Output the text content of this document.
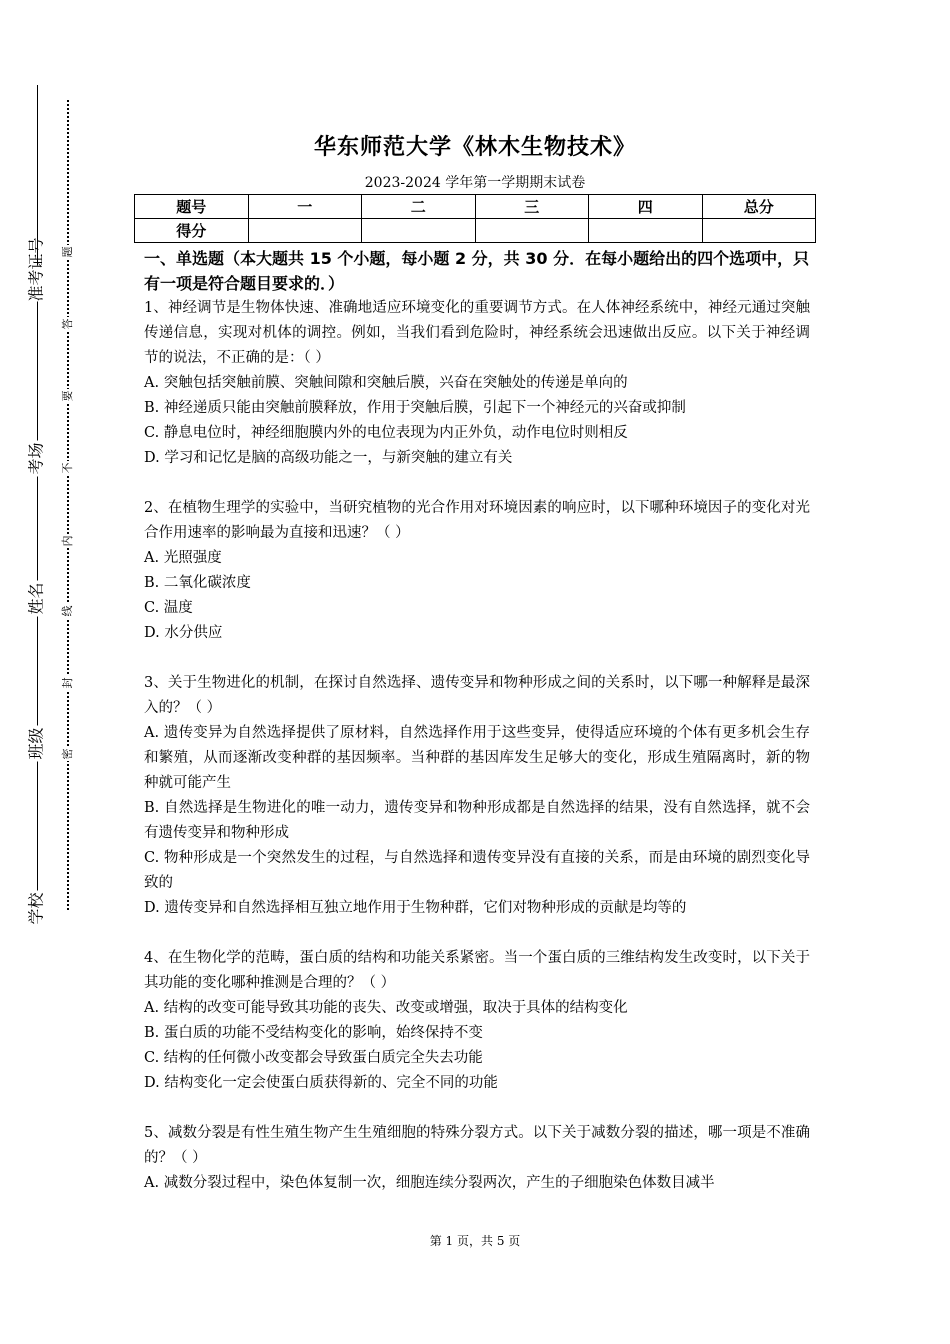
准考证号
考场
姓名
班级
学校
题
答
要
不
内
线
封
密
华东师范大学《林木生物技术》
2023-2024 学年第一学期期末试卷
题号	一	二	三	四	总分
得分					

一、单选题（本大题共 15 个小题，每小题 2 分，共 30 分．在每小题给出的四个选项中，只有一项是符合题目要求的．）

1、神经调节是生物体快速、准确地适应环境变化的重要调节方式。在人体神经系统中，神经元通过突触传递信息，实现对机体的调控。例如，当我们看到危险时，神经系统会迅速做出反应。以下关于神经调节的说法，不正确的是：（ ）

A. 突触包括突触前膜、突触间隙和突触后膜，兴奋在突触处的传递是单向的

B. 神经递质只能由突触前膜释放，作用于突触后膜，引起下一个神经元的兴奋或抑制

C. 静息电位时，神经细胞膜内外的电位表现为内正外负，动作电位时则相反

D. 学习和记忆是脑的高级功能之一，与新突触的建立有关

2、在植物生理学的实验中，当研究植物的光合作用对环境因素的响应时，以下哪种环境因子的变化对光合作用速率的影响最为直接和迅速？（ ）

A. 光照强度

B. 二氧化碳浓度

C. 温度

D. 水分供应

3、关于生物进化的机制，在探讨自然选择、遗传变异和物种形成之间的关系时，以下哪一种解释是最深入的？（ ）

A. 遗传变异为自然选择提供了原材料，自然选择作用于这些变异，使得适应环境的个体有更多机会生存和繁殖，从而逐渐改变种群的基因频率。当种群的基因库发生足够大的变化，形成生殖隔离时，新的物种就可能产生

B. 自然选择是生物进化的唯一动力，遗传变异和物种形成都是自然选择的结果，没有自然选择，就不会有遗传变异和物种形成

C. 物种形成是一个突然发生的过程，与自然选择和遗传变异没有直接的关系，而是由环境的剧烈变化导致的

D. 遗传变异和自然选择相互独立地作用于生物种群，它们对物种形成的贡献是均等的

4、在生物化学的范畴，蛋白质的结构和功能关系紧密。当一个蛋白质的三维结构发生改变时，以下关于其功能的变化哪种推测是合理的？（ ）

A. 结构的改变可能导致其功能的丧失、改变或增强，取决于具体的结构变化

B. 蛋白质的功能不受结构变化的影响，始终保持不变

C. 结构的任何微小改变都会导致蛋白质完全失去功能

D. 结构变化一定会使蛋白质获得新的、完全不同的功能

5、减数分裂是有性生殖生物产生生殖细胞的特殊分裂方式。以下关于减数分裂的描述，哪一项是不准确的？（ ）

A. 减数分裂过程中，染色体复制一次，细胞连续分裂两次，产生的子细胞染色体数目减半

第 1 页，共 5 页
